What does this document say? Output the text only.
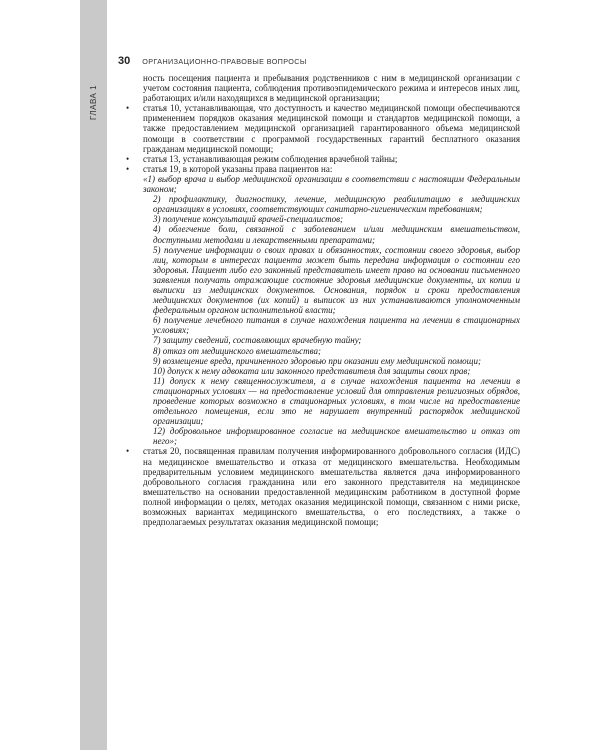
ГЛАВА 1
30 ОРГАНИЗАЦИОННО-ПРАВОВЫЕ ВОПРОСЫ

ность посещения пациента и пребывания родственников с ним в медицинской организации с учетом состояния пациента, соблюдения противоэпидемического режима и интересов иных лиц, работающих и/или находящихся в медицинской организации;

• статья 10, устанавливающая, что доступность и качество медицинской помощи обеспечиваются применением порядков оказания медицинской помощи и стандартов медицинской помощи, а также предоставлением медицинской организацией гарантированного объема медицинской помощи в соответствии с программой государственных гарантий бесплатного оказания гражданам медицинской помощи;

• статья 13, устанавливающая режим соблюдения врачебной тайны;

• статья 19, в которой указаны права пациентов на:

«1) выбор врача и выбор медицинской организации в соответствии с настоящим Федеральным законом;

2) профилактику, диагностику, лечение, медицинскую реабилитацию в медицинских организациях в условиях, соответствующих санитарно-гигиеническим требованиям;

3) получение консультаций врачей-специалистов;

4) облегчение боли, связанной с заболеванием и/или медицинским вмешательством, доступными методами и лекарственными препаратами;

5) получение информации о своих правах и обязанностях, состоянии своего здоровья, выбор лиц, которым в интересах пациента может быть передана информация о состоянии его здоровья. Пациент либо его законный представитель имеет право на основании письменного заявления получать отражающие состояние здоровья медицинские документы, их копии и выписки из медицинских документов. Основания, порядок и сроки предоставления медицинских документов (их копий) и выписок из них устанавливаются уполномоченным федеральным органом исполнительной власти;

6) получение лечебного питания в случае нахождения пациента на лечении в стационарных условиях;

7) защиту сведений, составляющих врачебную тайну;

8) отказ от медицинского вмешательства;

9) возмещение вреда, причиненного здоровью при оказании ему медицинской помощи;

10) допуск к нему адвоката или законного представителя для защиты своих прав;

11) допуск к нему священнослужителя, а в случае нахождения пациента на лечении в стационарных условиях — на предоставление условий для отправления религиозных обрядов, проведение которых возможно в стационарных условиях, в том числе на предоставление отдельного помещения, если это не нарушает внутренний распорядок медицинской организации;

12) добровольное информированное согласие на медицинское вмешательство и отказ от него»;

• статья 20, посвященная правилам получения информированного добровольного согласия (ИДС) на медицинское вмешательство и отказа от медицинского вмешательства. Необходимым предварительным условием медицинского вмешательства является дача информированного добровольного согласия гражданина или его законного представителя на медицинское вмешательство на основании предоставленной медицинским работником в доступной форме полной информации о целях, методах оказания медицинской помощи, связанном с ними риске, возможных вариантах медицинского вмешательства, о его последствиях, а также о предполагаемых результатах оказания медицинской помощи;
